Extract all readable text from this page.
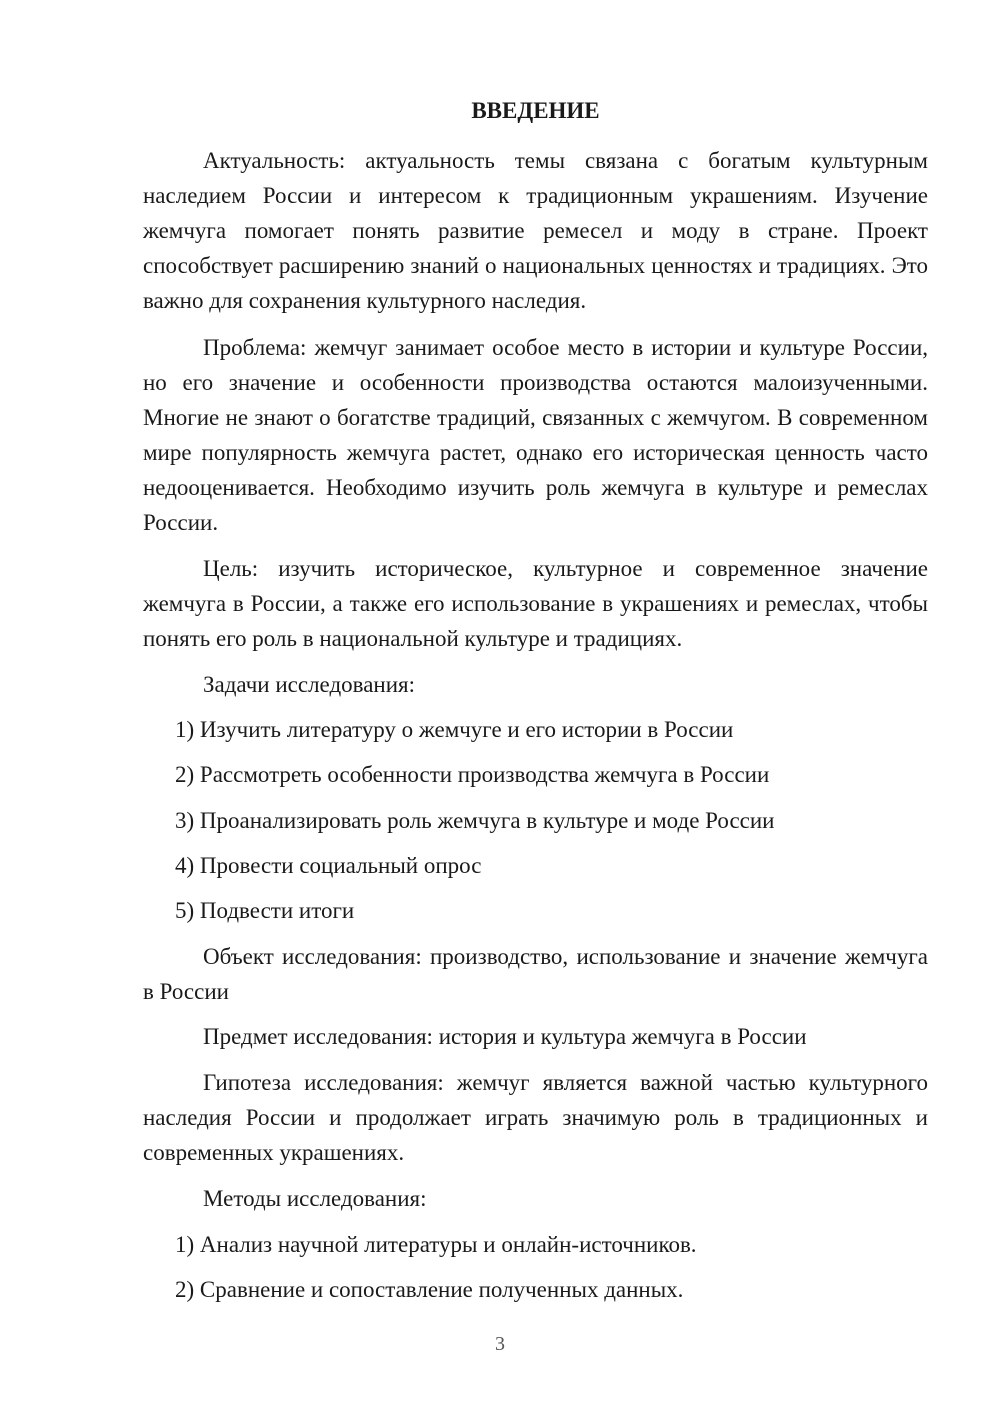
ВВЕДЕНИЕ

Актуальность: актуальность темы связана с богатым культурным наследием России и интересом к традиционным украшениям. Изучение жемчуга помогает понять развитие ремесел и моду в стране. Проект способствует расширению знаний о национальных ценностях и традициях. Это важно для сохранения культурного наследия.

Проблема: жемчуг занимает особое место в истории и культуре России, но его значение и особенности производства остаются малоизученными. Многие не знают о богатстве традиций, связанных с жемчугом. В современном мире популярность жемчуга растет, однако его историческая ценность часто недооценивается. Необходимо изучить роль жемчуга в культуре и ремеслах России.

Цель: изучить историческое, культурное и современное значение жемчуга в России, а также его использование в украшениях и ремеслах, чтобы понять его роль в национальной культуре и традициях.

Задачи исследования:

1) Изучить литературу о жемчуге и его истории в России

2) Рассмотреть особенности производства жемчуга в России

3) Проанализировать роль жемчуга в культуре и моде России

4) Провести социальный опрос

5) Подвести итоги

Объект исследования: производство, использование и значение жемчуга в России

Предмет исследования: история и культура жемчуга в России

Гипотеза исследования: жемчуг является важной частью культурного наследия России и продолжает играть значимую роль в традиционных и современных украшениях.

Методы исследования:

1) Анализ научной литературы и онлайн-источников.

2) Сравнение и сопоставление полученных данных.

3
